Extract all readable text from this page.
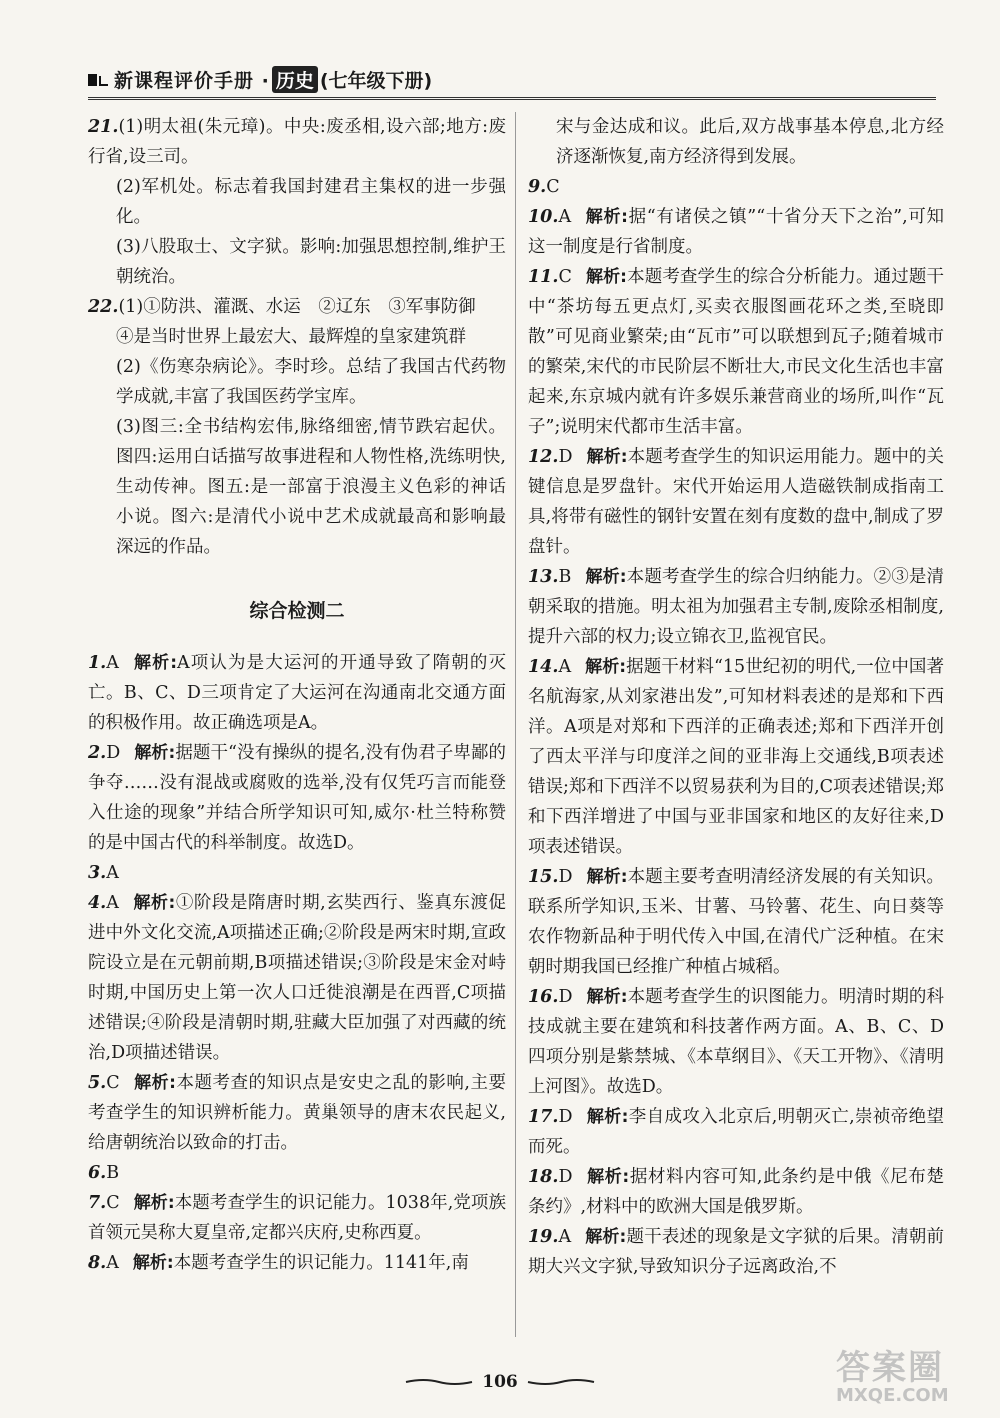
新课程评价手册 · 历史 (七年级下册)

21.(1)明太祖(朱元璋)。中央:废丞相,设六部;地方:废行省,设三司。

(2)军机处。标志着我国封建君主集权的进一步强化。

(3)八股取士、文字狱。影响:加强思想控制,维护王朝统治。

22.(1)①防洪、灌溉、水运　②辽东　③军事防御

④是当时世界上最宏大、最辉煌的皇家建筑群

(2)《伤寒杂病论》。李时珍。总结了我国古代药物学成就,丰富了我国医药学宝库。

(3)图三:全书结构宏伟,脉络细密,情节跌宕起伏。图四:运用白话描写故事进程和人物性格,洗练明快,生动传神。图五:是一部富于浪漫主义色彩的神话小说。图六:是清代小说中艺术成就最高和影响最深远的作品。

综合检测二

1.A 解析:A项认为是大运河的开通导致了隋朝的灭亡。B、C、D三项肯定了大运河在沟通南北交通方面的积极作用。故正确选项是A。

2.D 解析:据题干“没有操纵的提名,没有伪君子卑鄙的争夺……没有混战或腐败的选举,没有仅凭巧言而能登入仕途的现象”并结合所学知识可知,威尔·杜兰特称赞的是中国古代的科举制度。故选D。

3.A

4.A 解析:①阶段是隋唐时期,玄奘西行、鉴真东渡促进中外文化交流,A项描述正确;②阶段是两宋时期,宣政院设立是在元朝前期,B项描述错误;③阶段是宋金对峙时期,中国历史上第一次人口迁徙浪潮是在西晋,C项描述错误;④阶段是清朝时期,驻藏大臣加强了对西藏的统治,D项描述错误。

5.C 解析:本题考查的知识点是安史之乱的影响,主要考查学生的知识辨析能力。黄巢领导的唐末农民起义,给唐朝统治以致命的打击。

6.B

7.C 解析:本题考查学生的识记能力。1038年,党项族首领元昊称大夏皇帝,定都兴庆府,史称西夏。

8.A 解析:本题考查学生的识记能力。1141年,南

宋与金达成和议。此后,双方战事基本停息,北方经济逐渐恢复,南方经济得到发展。

9.C

10.A 解析:据“有诸侯之镇”“十省分天下之治”,可知这一制度是行省制度。

11.C 解析:本题考查学生的综合分析能力。通过题干中“茶坊每五更点灯,买卖衣服图画花环之类,至晓即散”可见商业繁荣;由“瓦市”可以联想到瓦子;随着城市的繁荣,宋代的市民阶层不断壮大,市民文化生活也丰富起来,东京城内就有许多娱乐兼营商业的场所,叫作“瓦子”;说明宋代都市生活丰富。

12.D 解析:本题考查学生的知识运用能力。题中的关键信息是罗盘针。宋代开始运用人造磁铁制成指南工具,将带有磁性的钢针安置在刻有度数的盘中,制成了罗盘针。

13.B 解析:本题考查学生的综合归纳能力。②③是清朝采取的措施。明太祖为加强君主专制,废除丞相制度,提升六部的权力;设立锦衣卫,监视官民。

14.A 解析:据题干材料“15世纪初的明代,一位中国著名航海家,从刘家港出发”,可知材料表述的是郑和下西洋。A项是对郑和下西洋的正确表述;郑和下西洋开创了西太平洋与印度洋之间的亚非海上交通线,B项表述错误;郑和下西洋不以贸易获利为目的,C项表述错误;郑和下西洋增进了中国与亚非国家和地区的友好往来,D项表述错误。

15.D 解析:本题主要考查明清经济发展的有关知识。联系所学知识,玉米、甘薯、马铃薯、花生、向日葵等农作物新品种于明代传入中国,在清代广泛种植。在宋朝时期我国已经推广种植占城稻。

16.D 解析:本题考查学生的识图能力。明清时期的科技成就主要在建筑和科技著作两方面。A、B、C、D四项分别是紫禁城、《本草纲目》、《天工开物》、《清明上河图》。故选D。

17.D 解析:李自成攻入北京后,明朝灭亡,崇祯帝绝望而死。

18.D 解析:据材料内容可知,此条约是中俄《尼布楚条约》,材料中的欧洲大国是俄罗斯。

19.A 解析:题干表述的现象是文字狱的后果。清朝前期大兴文字狱,导致知识分子远离政治,不

106	答案圈
MXQE.COM
